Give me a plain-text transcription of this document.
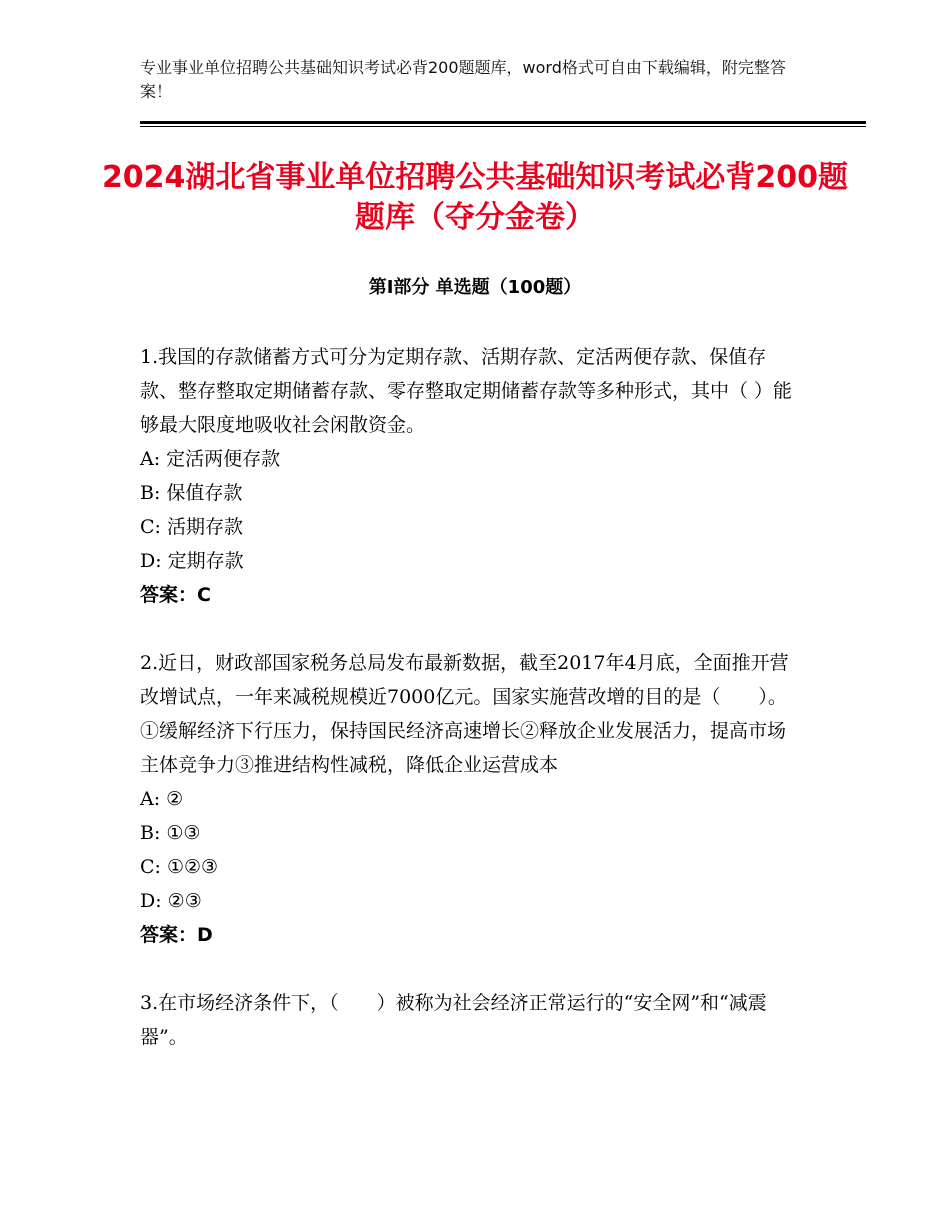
专业事业单位招聘公共基础知识考试必背200题题库，word格式可自由下载编辑，附完整答案！
2024湖北省事业单位招聘公共基础知识考试必背200题题库（夺分金卷）
第I部分 单选题（100题）

1.我国的存款储蓄方式可分为定期存款、活期存款、定活两便存款、保值存款、整存整取定期储蓄存款、零存整取定期储蓄存款等多种形式，其中（ ）能够最大限度地吸收社会闲散资金。

A: 定活两便存款

B: 保值存款

C: 活期存款

D: 定期存款

答案：C

2.近日，财政部国家税务总局发布最新数据，截至2017年4月底，全面推开营改增试点，一年来减税规模近7000亿元。国家实施营改增的目的是（　　）。①缓解经济下行压力，保持国民经济高速增长②释放企业发展活力，提高市场主体竞争力③推进结构性减税，降低企业运营成本

A: ②

B: ①③

C: ①②③

D: ②③

答案：D

3.在市场经济条件下，（　　）被称为社会经济正常运行的“安全网”和“减震器”。
